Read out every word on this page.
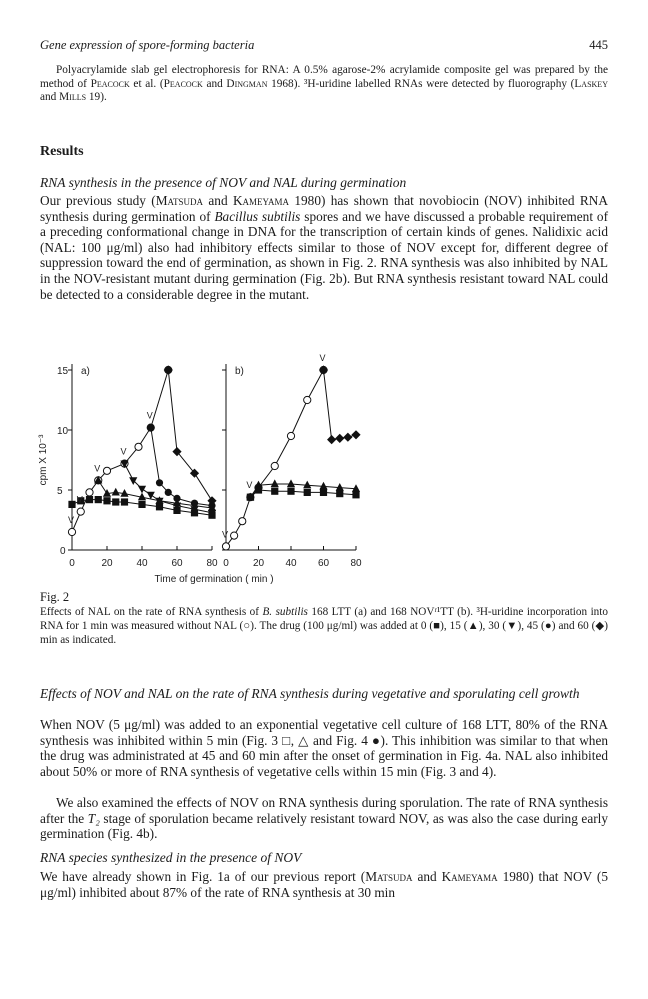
Gene expression of spore-forming bacteria	445
Polyacrylamide slab gel electrophoresis for RNA: A 0.5% agarose-2% acrylamide composite gel was prepared by the method of Peacock et al. (Peacock and Dingman 1968). ³H-uridine labelled RNAs were detected by fluorography (Laskey and Mills 19).
Results
RNA synthesis in the presence of NOV and NAL during germination
Our previous study (Matsuda and Kameyama 1980) has shown that novobiocin (NOV) inhibited RNA synthesis during germination of Bacillus subtilis spores and we have discussed a probable requirement of a preceding conformational change in DNA for the transcription of certain kinds of genes. Nalidixic acid (NAL: 100 μg/ml) also had inhibitory effects similar to those of NOV except for, different degree of suppression toward the end of germination, as shown in Fig. 2. RNA synthesis was also inhibited by NAL in the NOV-resistant mutant during germination (Fig. 2b). But RNA synthesis resistant toward NAL could be detected to a considerable degree in the mutant.
5
10
15
0	20 40 60 80
a)
V
V
V
V
V
0 20 40 60 80
b)
V
V
V
cpm X 10⁻³
0
Time of germination ( min )
Fig. 2
Effects of NAL on the rate of RNA synthesis of B. subtilis 168 LTT (a) and 168 NOVʳ¹TT (b). ³H-uridine incorporation into RNA for 1 min was measured without NAL (○). The drug (100 μg/ml) was added at 0 (■), 15 (▲), 30 (▼), 45 (●) and 60 (◆) min as indicated.
Effects of NOV and NAL on the rate of RNA synthesis during vegetative and sporulating cell growth
When NOV (5 μg/ml) was added to an exponential vegetative cell culture of 168 LTT, 80% of the RNA synthesis was inhibited within 5 min (Fig. 3 □, △ and Fig. 4 ●). This inhibition was similar to that when the drug was administrated at 45 and 60 min after the onset of germination in Fig. 4a. NAL also inhibited about 50% or more of RNA synthesis of vegetative cells within 15 min (Fig. 3 and 4).
We also examined the effects of NOV on RNA synthesis during sporulation. The rate of RNA synthesis after the T₂ stage of sporulation became relatively resistant toward NOV, as was also the case during early germination (Fig. 4b).
RNA species synthesized in the presence of NOV
We have already shown in Fig. 1a of our previous report (Matsuda and Kameyama 1980) that NOV (5 μg/ml) inhibited about 87% of the rate of RNA synthesis at 30 min
